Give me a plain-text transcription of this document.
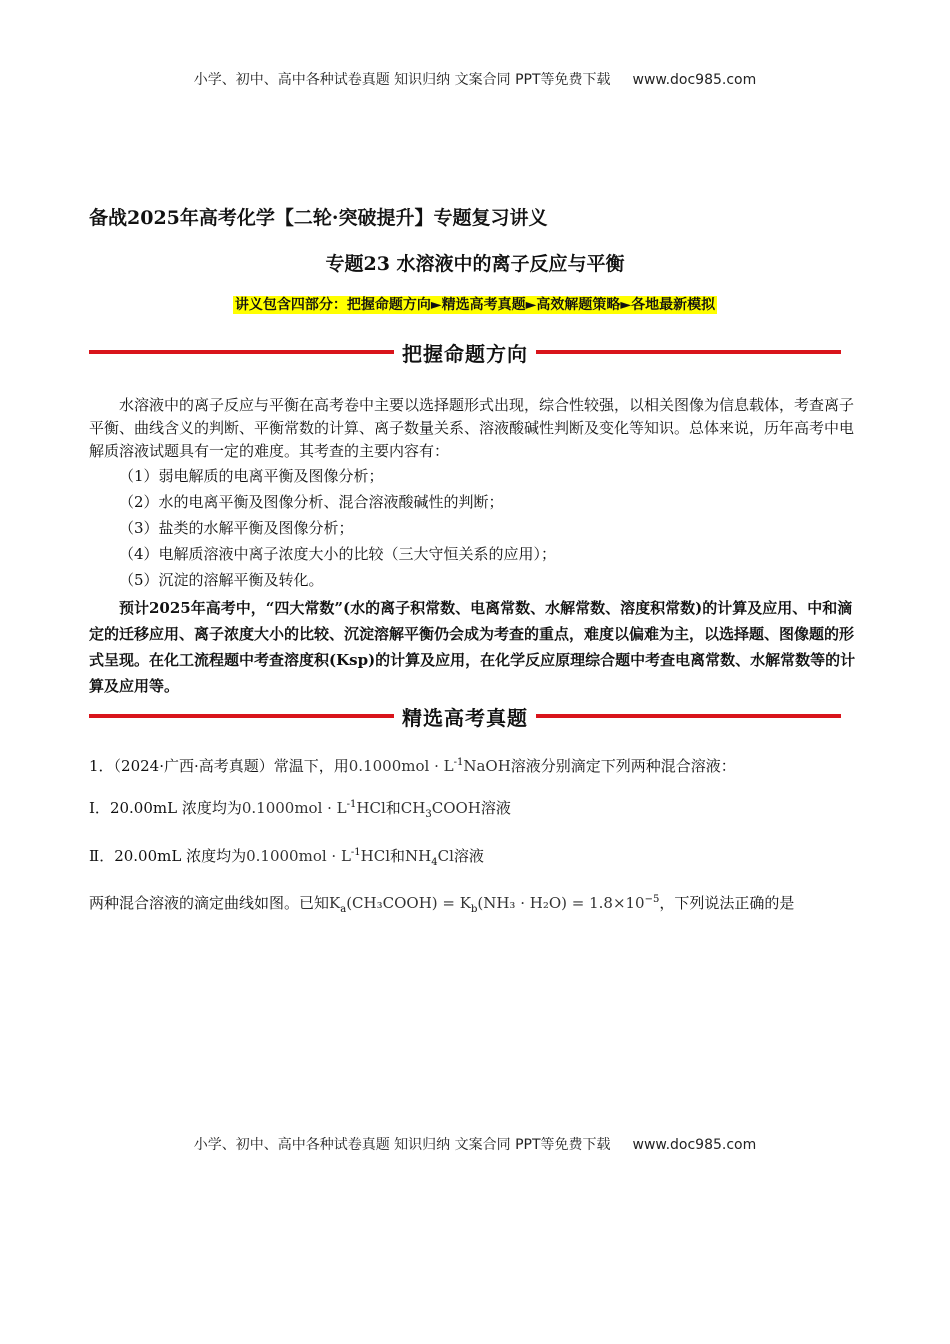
小学、初中、高中各种试卷真题 知识归纳 文案合同 PPT等免费下载 www.doc985.com
备战2025年高考化学【二轮·突破提升】专题复习讲义
专题23 水溶液中的离子反应与平衡
讲义包含四部分：把握命题方向►精选高考真题►高效解题策略►各地最新模拟
把握命题方向

水溶液中的离子反应与平衡在高考卷中主要以选择题形式出现，综合性较强，以相关图像为信息载体，考查离子平衡、曲线含义的判断、平衡常数的计算、离子数量关系、溶液酸碱性判断及变化等知识。总体来说，历年高考中电解质溶液试题具有一定的难度。其考查的主要内容有：

（1）弱电解质的电离平衡及图像分析；

（2）水的电离平衡及图像分析、混合溶液酸碱性的判断；

（3）盐类的水解平衡及图像分析；

（4）电解质溶液中离子浓度大小的比较（三大守恒关系的应用）；

（5）沉淀的溶解平衡及转化。

预计2025年高考中，“四大常数”(水的离子积常数、电离常数、水解常数、溶度积常数)的计算及应用、中和滴定的迁移应用、离子浓度大小的比较、沉淀溶解平衡仍会成为考查的重点，难度以偏难为主，以选择题、图像题的形式呈现。在化工流程题中考查溶度积(Ksp)的计算及应用，在化学反应原理综合题中考查电离常数、水解常数等的计算及应用等。

精选高考真题
1．（2024·广西·高考真题）常温下，用$0.1000mol \cdot L^{-1}NaOH$溶液分别滴定下列两种混合溶液：
Ⅰ．20.00mL 浓度均为$0.1000mol \cdot L^{-1}HCl$和$CH_3COOH$溶液
Ⅱ．20.00mL 浓度均为$0.1000mol \cdot L^{-1}HCl$和$NH_4Cl$溶液
两种混合溶液的滴定曲线如图。已知$K_a(CH_3COOH) = K_b(NH_3 \cdot H_2O) = 1.8\times 10^{-5}$，下列说法正确的是
小学、初中、高中各种试卷真题 知识归纳 文案合同 PPT等免费下载 www.doc985.com
